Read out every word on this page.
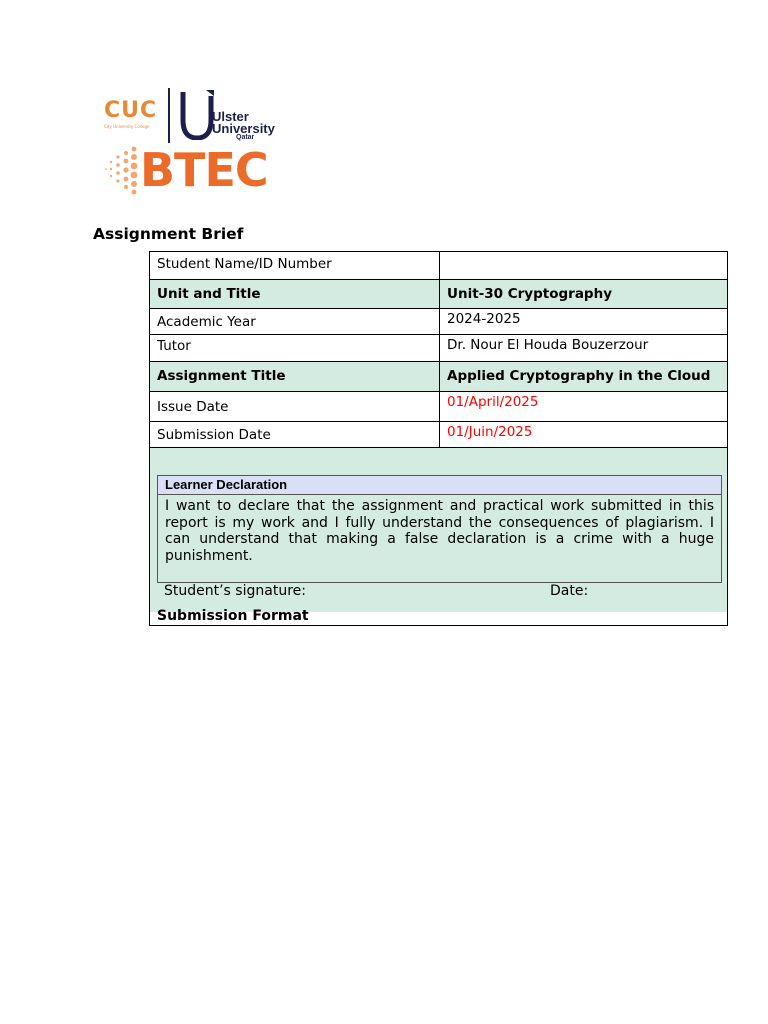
CUC
City University College
Ulster
University
Qatar
BTEC
Assignment Brief
Student Name/ID Number
Unit and Title	Unit-30 Cryptography
Academic Year	2024-2025
Tutor	Dr. Nour El Houda Bouzerzour
Assignment Title	Applied Cryptography in the Cloud
Issue Date	01/April/2025
Submission Date	01/Juin/2025
Learner Declaration
I want to declare that the assignment and practical work submitted in this report is my work and I fully understand the consequences of plagiarism. I can understand that making a false declaration is a crime with a huge punishment.
Student’s signature:	Date:
Submission Format
